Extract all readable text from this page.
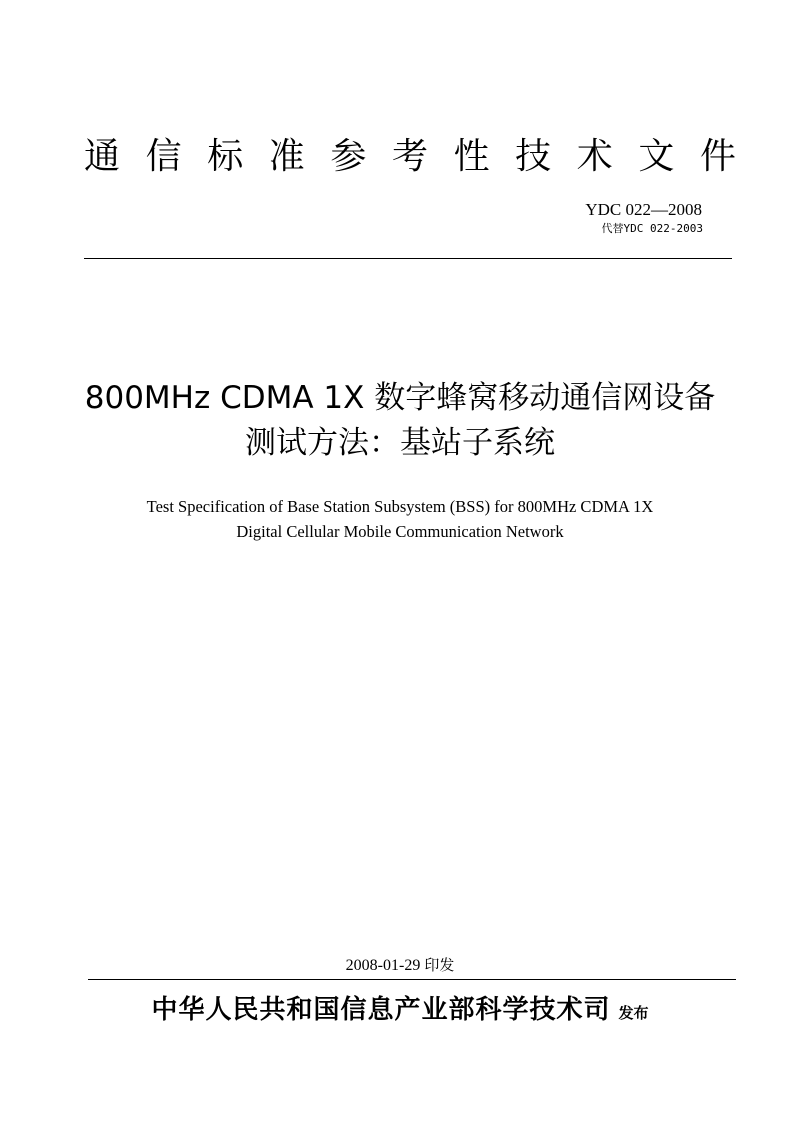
通 信 标 准 参 考 性 技 术 文 件
YDC 022—2008
代替YDC 022-2003
800MHz CDMA 1X 数字蜂窝移动通信网设备
测试方法：基站子系统
Test Specification of Base Station Subsystem (BSS) for 800MHz CDMA 1X
Digital Cellular Mobile Communication Network
2008-01-29 印发
中华人民共和国信息产业部科学技术司 发布
